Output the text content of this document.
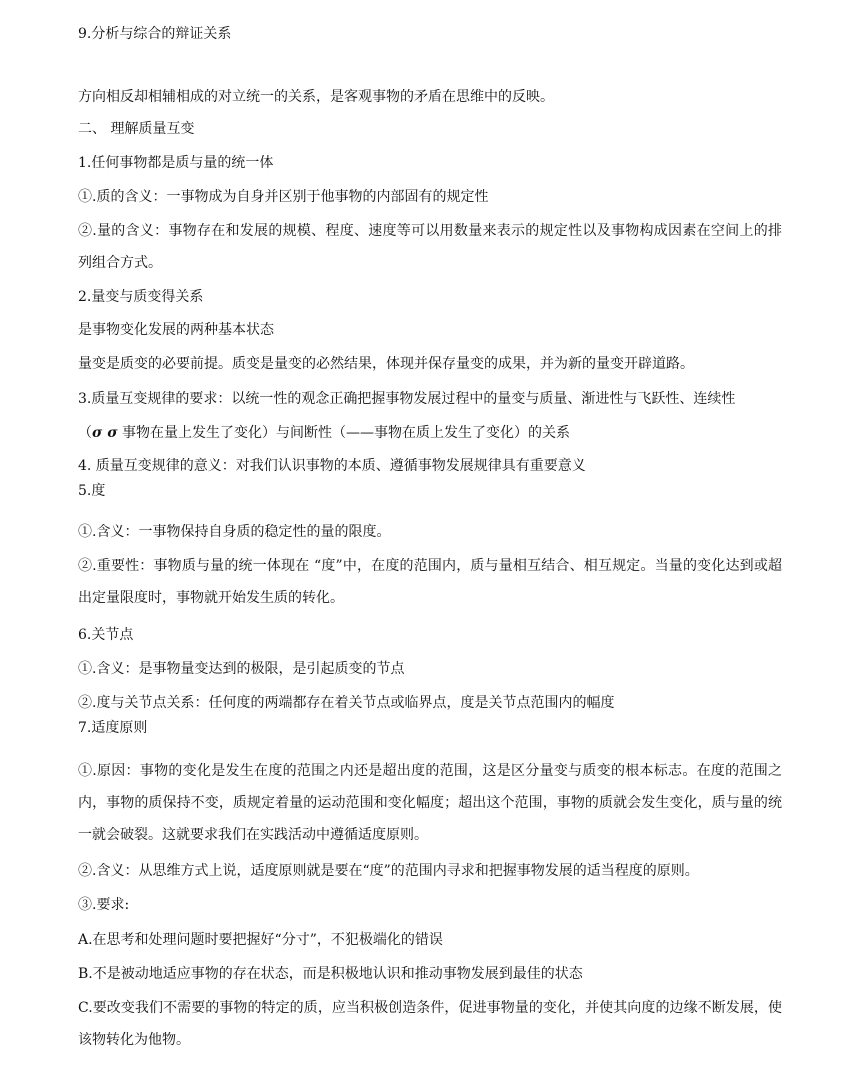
9.分析与综合的辩证关系

方向相反却相辅相成的对立统一的关系，是客观事物的矛盾在思维中的反映。

二、 理解质量互变

1.任何事物都是质与量的统一体

①.质的含义：一事物成为自身并区别于他事物的内部固有的规定性

②.量的含义：事物存在和发展的规模、程度、速度等可以用数量来表示的规定性以及事物构成因素在空间上的排列组合方式。

2.量变与质变得关系

是事物变化发展的两种基本状态

量变是质变的必要前提。质变是量变的必然结果，体现并保存量变的成果，并为新的量变开辟道路。

3.质量互变规律的要求：以统一性的观念正确把握事物发展过程中的量变与质量、渐进性与飞跃性、连续性

（σ σ 事物在量上发生了变化）与间断性（——事物在质上发生了变化）的关系

4. 质量互变规律的意义：对我们认识事物的本质、遵循事物发展规律具有重要意义

5.度

①.含义：一事物保持自身质的稳定性的量的限度。

②.重要性：事物质与量的统一体现在 “度”中，在度的范围内，质与量相互结合、相互规定。当量的变化达到或超出定量限度时，事物就开始发生质的转化。

6.关节点

①.含义：是事物量变达到的极限，是引起质变的节点

②.度与关节点关系：任何度的两端都存在着关节点或临界点，度是关节点范围内的幅度

7.适度原则

①.原因：事物的变化是发生在度的范围之内还是超出度的范围，这是区分量变与质变的根本标志。在度的范围之内，事物的质保持不变，质规定着量的运动范围和变化幅度；超出这个范围，事物的质就会发生变化，质与量的统一就会破裂。这就要求我们在实践活动中遵循适度原则。

②.含义：从思维方式上说，适度原则就是要在“度”的范围内寻求和把握事物发展的适当程度的原则。

③.要求:

A.在思考和处理问题时要把握好“分寸”，不犯极端化的错误

B.不是被动地适应事物的存在状态，而是积极地认识和推动事物发展到最佳的状态

C.要改变我们不需要的事物的特定的质，应当积极创造条件，促进事物量的变化，并使其向度的边缘不断发展，使该物转化为他物。
